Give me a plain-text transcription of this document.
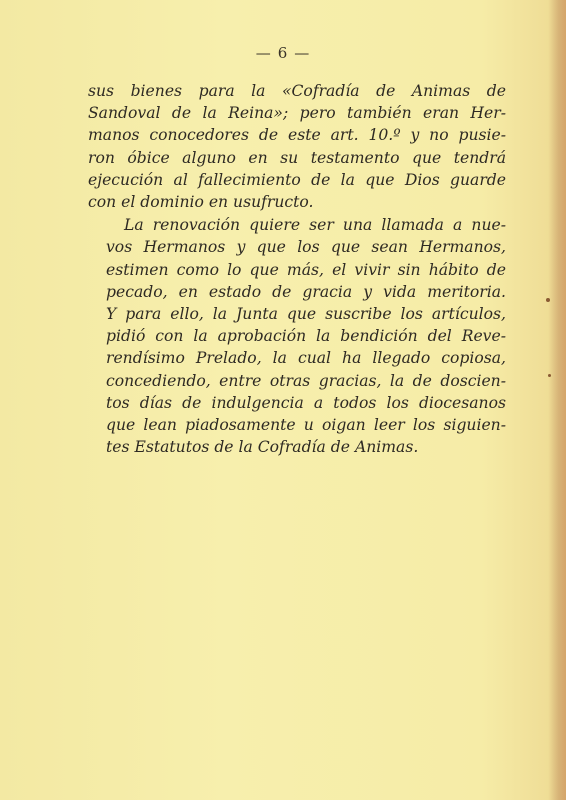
— 6 —

sus bienes para la «Cofradía de Animas de
Sandoval de la Reina»; pero también eran Her-
manos conocedores de este art. 10.º y no pusie-
ron óbice alguno en su testamento que tendrá
ejecución al fallecimiento de la que Dios guarde
con el dominio en usufructo.

La renovación quiere ser una llamada a nue-
vos Hermanos y que los que sean Hermanos,
estimen como lo que más, el vivir sin hábito de
pecado, en estado de gracia y vida meritoria.
Y para ello, la Junta que suscribe los artículos,
pidió con la aprobación la bendición del Reve-
rendísimo Prelado, la cual ha llegado copiosa,
concediendo, entre otras gracias, la de doscien-
tos días de indulgencia a todos los diocesanos
que lean piadosamente u oigan leer los siguien-
tes Estatutos de la Cofradía de Animas.
